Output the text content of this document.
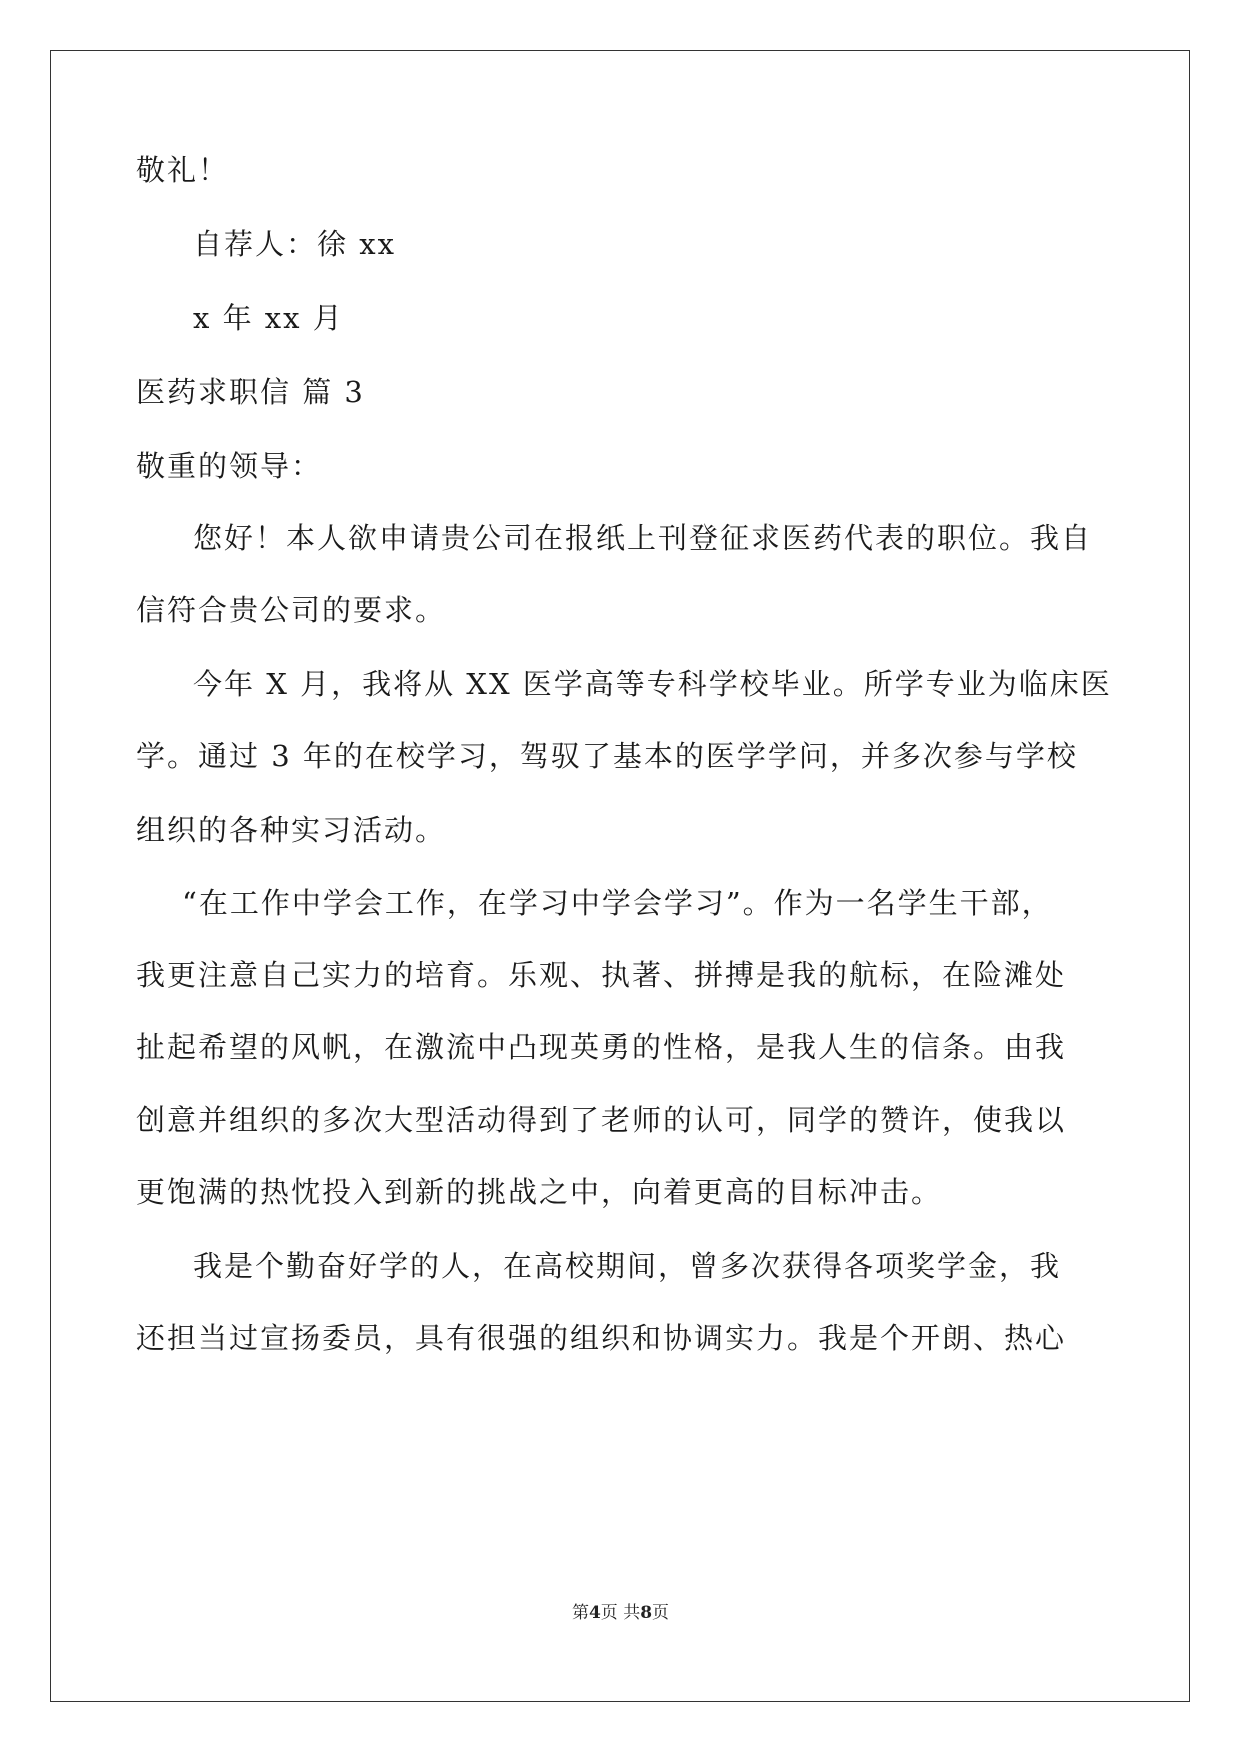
敬礼！
自荐人：徐 xx
x 年 xx 月
医药求职信 篇 3
敬重的领导：
您好！本人欲申请贵公司在报纸上刊登征求医药代表的职位。我自
信符合贵公司的要求。
今年 X 月，我将从 XX 医学高等专科学校毕业。所学专业为临床医
学。通过 3 年的在校学习，驾驭了基本的医学学问，并多次参与学校
组织的各种实习活动。
“在工作中学会工作，在学习中学会学习”。作为一名学生干部，
我更注意自己实力的培育。乐观、执著、拼搏是我的航标，在险滩处
扯起希望的风帆，在激流中凸现英勇的性格，是我人生的信条。由我
创意并组织的多次大型活动得到了老师的认可，同学的赞许，使我以
更饱满的热忱投入到新的挑战之中，向着更高的目标冲击。
我是个勤奋好学的人，在高校期间，曾多次获得各项奖学金，我
还担当过宣扬委员，具有很强的组织和协调实力。我是个开朗、热心
第4页 共8页
